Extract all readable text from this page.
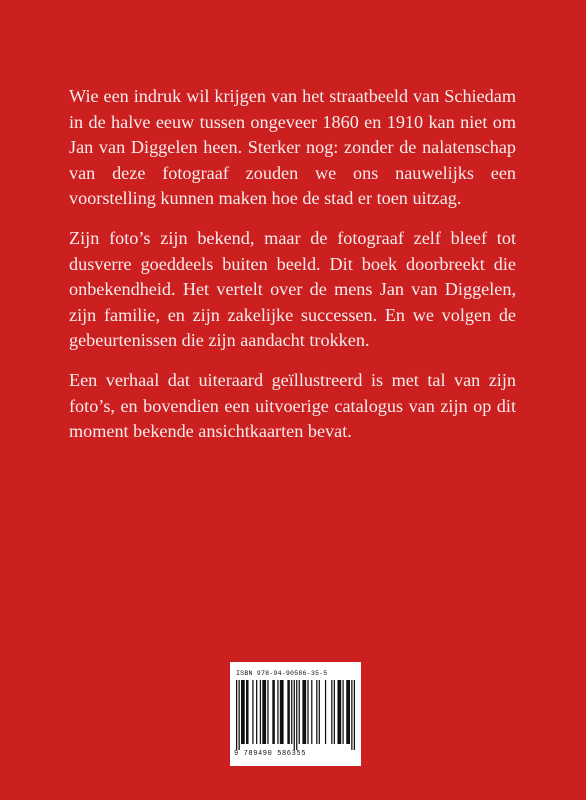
Wie een indruk wil krijgen van het straatbeeld van Schiedam in de halve eeuw tussen ongeveer 1860 en 1910 kan niet om Jan van Diggelen heen. Sterker nog: zonder de nalatenschap van deze fotograaf zouden we ons nauwelijks een voorstelling kunnen maken hoe de stad er toen uitzag.

Zijn foto’s zijn bekend, maar de fotograaf zelf bleef tot dusverre goeddeels buiten beeld. Dit boek doorbreekt die onbekendheid. Het vertelt over de mens Jan van Diggelen, zijn familie, en zijn zakelijke successen. En we volgen de gebeurtenissen die zijn aandacht trokken.

Een verhaal dat uiteraard geïllustreerd is met tal van zijn foto’s, en bovendien een uitvoerige catalogus van zijn op dit moment bekende ansichtkaarten bevat.

ISBN 978-94-90586-35-5
9 789490 586355
